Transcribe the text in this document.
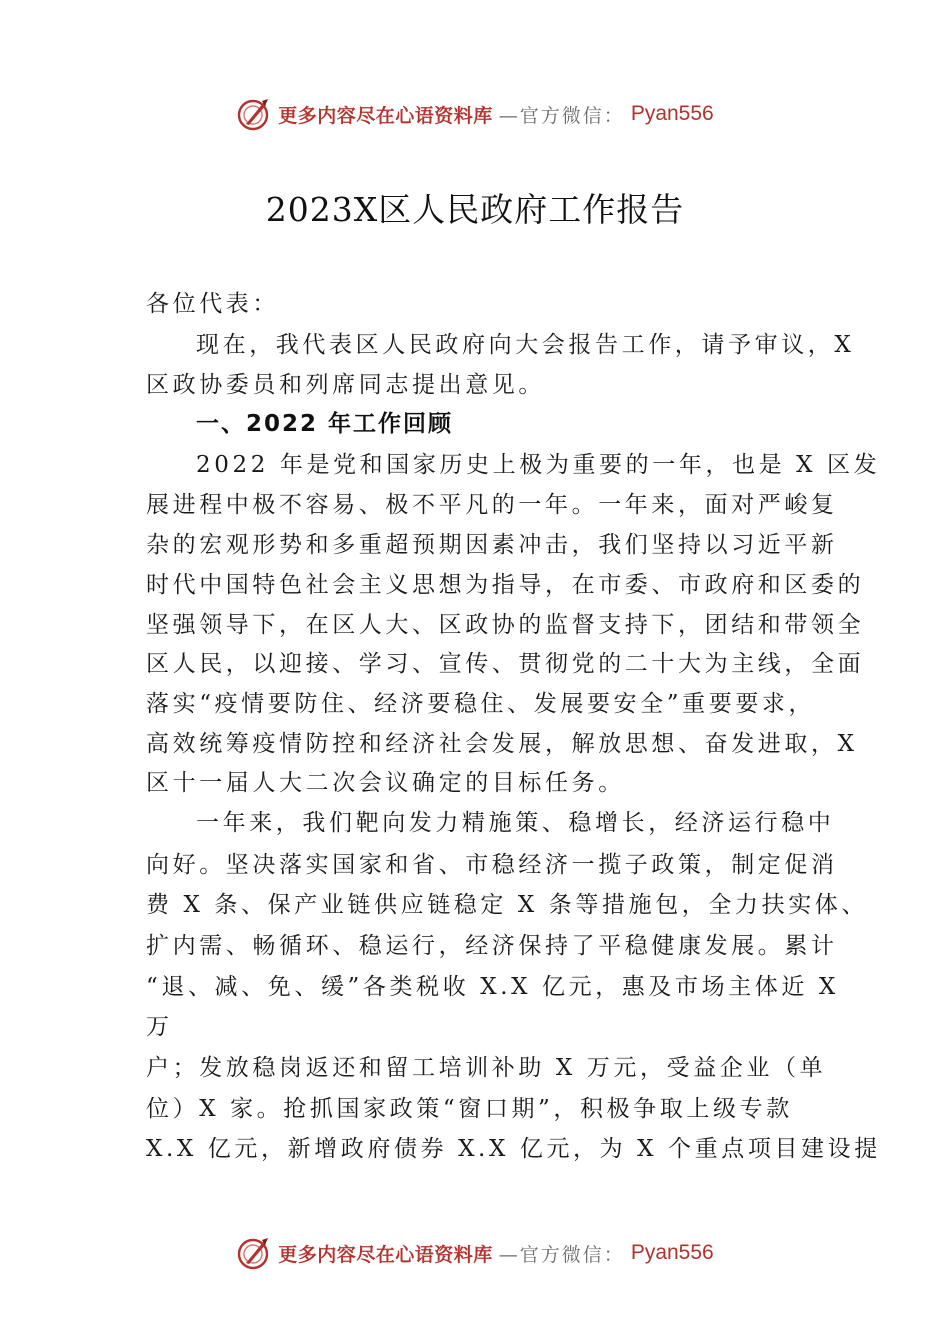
更多内容尽在心语资料库 —官方微信： Pyan556
2023X区人民政府工作报告
各位代表：
现在，我代表区人民政府向大会报告工作，请予审议，X
区政协委员和列席同志提出意见。
一、2022 年工作回顾
2022 年是党和国家历史上极为重要的一年，也是 X 区发
展进程中极不容易、极不平凡的一年。一年来，面对严峻复
杂的宏观形势和多重超预期因素冲击，我们坚持以习近平新
时代中国特色社会主义思想为指导，在市委、市政府和区委的
坚强领导下，在区人大、区政协的监督支持下，团结和带领全
区人民，以迎接、学习、宣传、贯彻党的二十大为主线，全面
落实“疫情要防住、经济要稳住、发展要安全”重要要求，
高效统筹疫情防控和经济社会发展，解放思想、奋发进取，X
区十一届人大二次会议确定的目标任务。
一年来，我们靶向发力精施策、稳增长，经济运行稳中
向好。坚决落实国家和省、市稳经济一揽子政策，制定促消
费 X 条、保产业链供应链稳定 X 条等措施包，全力扶实体、
扩内需、畅循环、稳运行，经济保持了平稳健康发展。累计
“退、减、免、缓”各类税收 X.X 亿元，惠及市场主体近 X
万
户；发放稳岗返还和留工培训补助 X 万元，受益企业（单
位）X 家。抢抓国家政策“窗口期”，积极争取上级专款
X.X 亿元，新增政府债券 X.X 亿元，为 X 个重点项目建设提
更多内容尽在心语资料库 —官方微信： Pyan556
